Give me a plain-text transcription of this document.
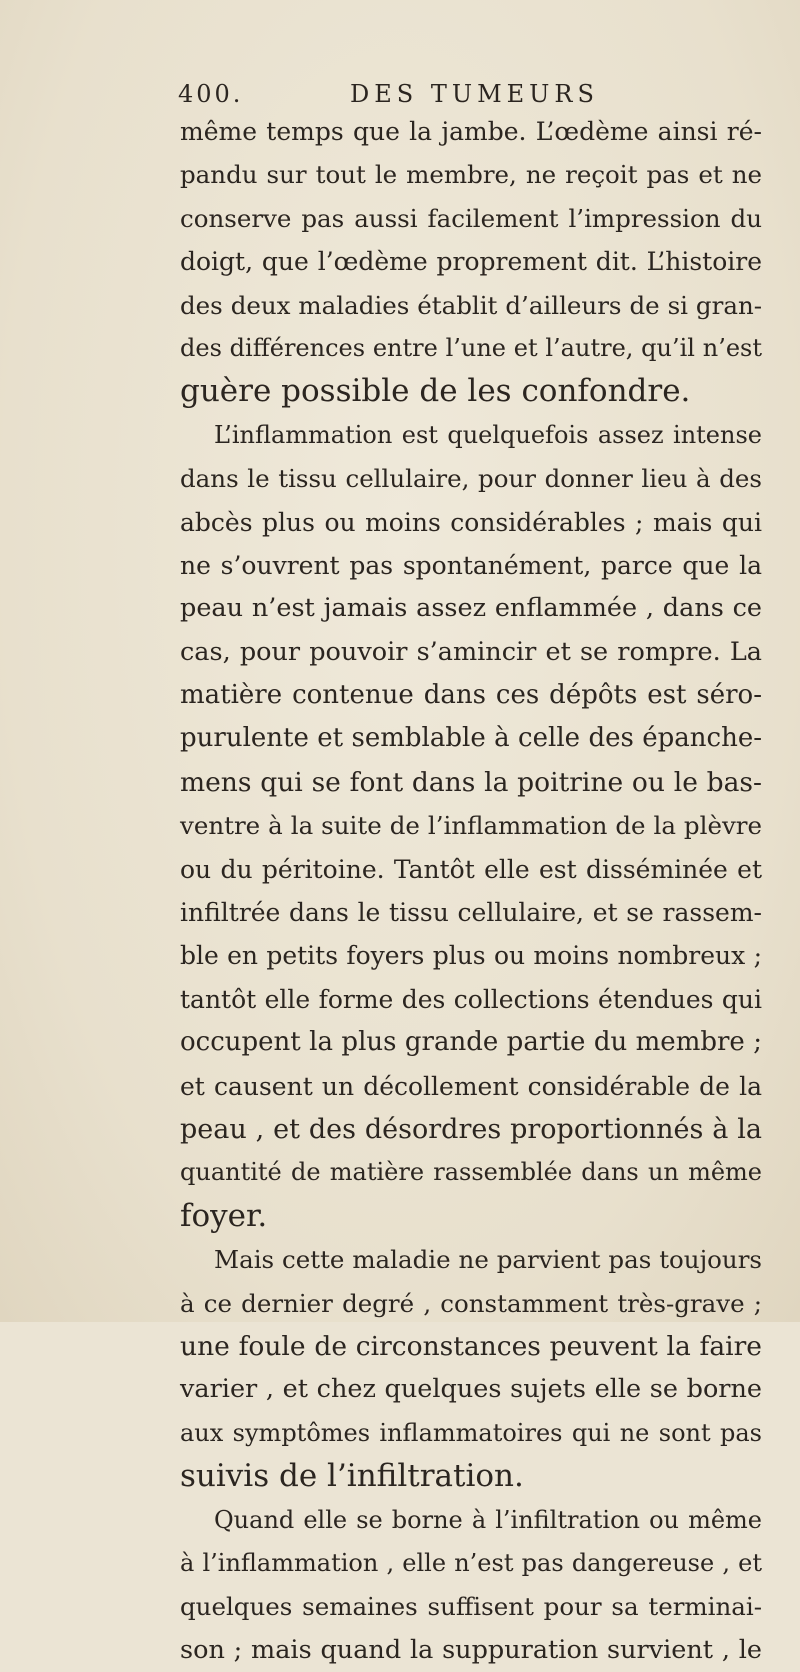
400.	DES TUMEURS
même temps que la jambe. L’œdème ainsi ré-
pandu sur tout le membre, ne reçoit pas et ne
conserve pas aussi facilement l’impression du
doigt, que l’œdème proprement dit. L’histoire
des deux maladies établit d’ailleurs de si gran-
des différences entre l’une et l’autre, qu’il n’est
guère possible de les confondre.
L’inflammation est quelquefois assez intense
dans le tissu cellulaire, pour donner lieu à des
abcès plus ou moins considérables ; mais qui
ne s’ouvrent pas spontanément, parce que la
peau n’est jamais assez enflammée , dans ce
cas, pour pouvoir s’amincir et se rompre. La
matière contenue dans ces dépôts est séro-
purulente et semblable à celle des épanche-
mens qui se font dans la poitrine ou le bas-
ventre à la suite de l’inflammation de la plèvre
ou du péritoine. Tantôt elle est disséminée et
infiltrée dans le tissu cellulaire, et se rassem-
ble en petits foyers plus ou moins nombreux ;
tantôt elle forme des collections étendues qui
occupent la plus grande partie du membre ;
et causent un décollement considérable de la
peau , et des désordres proportionnés à la
quantité de matière rassemblée dans un même
foyer.
Mais cette maladie ne parvient pas toujours
à ce dernier degré , constamment très-grave ;
une foule de circonstances peuvent la faire
varier , et chez quelques sujets elle se borne
aux symptômes inflammatoires qui ne sont pas
suivis de l’infiltration.
Quand elle se borne à l’infiltration ou même
à l’inflammation , elle n’est pas dangereuse , et
quelques semaines suffisent pour sa terminai-
son ; mais quand la suppuration survient , le
